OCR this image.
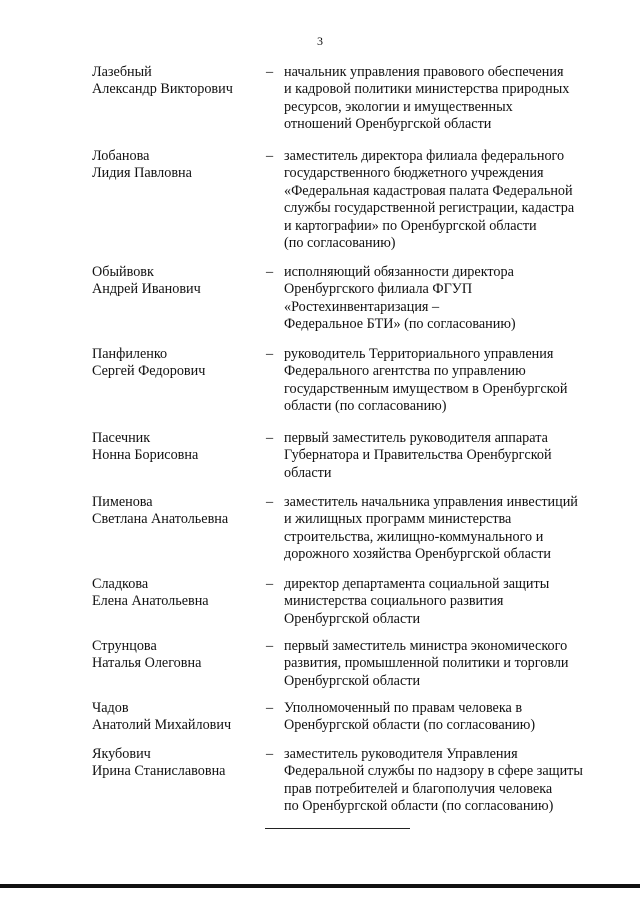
3
Лазебный
Александр Викторович
– начальник управления правового обеспечения
и кадровой политики министерства природных
ресурсов, экологии и имущественных
отношений Оренбургской области
Лобанова
Лидия Павловна
– заместитель директора филиала федерального
государственного бюджетного учреждения
«Федеральная кадастровая палата Федеральной
службы государственной регистрации, кадастра
и картографии» по Оренбургской области
(по согласованию)
Обыйвовк
Андрей Иванович
– исполняющий обязанности директора
Оренбургского филиала ФГУП
«Ростехинвентаризация –
Федеральное БТИ» (по согласованию)
Панфиленко
Сергей Федорович
– руководитель Территориального управления
Федерального агентства по управлению
государственным имуществом в Оренбургской
области (по согласованию)
Пасечник
Нонна Борисовна
– первый заместитель руководителя аппарата
Губернатора и Правительства Оренбургской
области
Пименова
Светлана Анатольевна
– заместитель начальника управления инвестиций
и жилищных программ министерства
строительства, жилищно-коммунального и
дорожного хозяйства Оренбургской области
Сладкова
Елена Анатольевна
– директор департамента социальной защиты
министерства социального развития
Оренбургской области
Струнцова
Наталья Олеговна
– первый заместитель министра экономического
развития, промышленной политики и торговли
Оренбургской области
Чадов
Анатолий Михайлович
– Уполномоченный по правам человека в
Оренбургской области (по согласованию)
Якубович
Ирина Станиславовна
– заместитель руководителя Управления
Федеральной службы по надзору в сфере защиты
прав потребителей и благополучия человека
по Оренбургской области (по согласованию)
